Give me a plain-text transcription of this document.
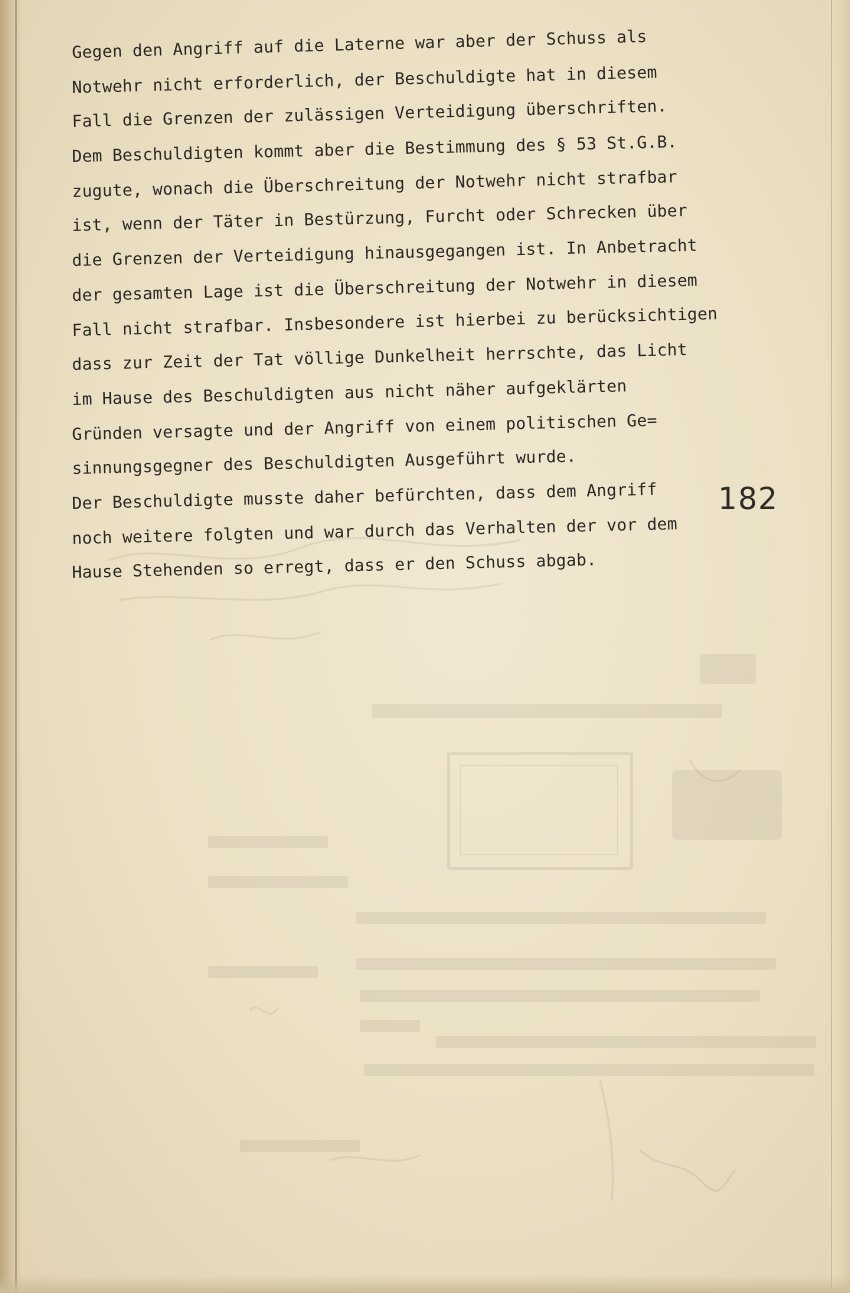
Gegen den Angriff auf die Laterne war aber der Schuss als
Notwehr nicht erforderlich, der Beschuldigte hat in diesem
Fall die Grenzen der zulässigen Verteidigung überschriften.
Dem Beschuldigten kommt aber die Bestimmung des § 53 St.G.B.
zugute, wonach die Überschreitung der Notwehr nicht strafbar
ist, wenn der Täter in Bestürzung, Furcht oder Schrecken über
die Grenzen der Verteidigung hinausgegangen ist. In Anbetracht
der gesamten Lage ist die Überschreitung der Notwehr in diesem
Fall nicht strafbar. Insbesondere ist hierbei zu berücksichtigen
dass zur Zeit der Tat völlige Dunkelheit herrschte, das Licht
im Hause des Beschuldigten aus nicht näher aufgeklärten
Gründen versagte und der Angriff von einem politischen Ge=
sinnungsgegner des Beschuldigten Ausgeführt wurde.
Der Beschuldigte musste daher befürchten, dass dem Angriff
noch weitere folgten und war durch das Verhalten der vor dem
Hause Stehenden so erregt, dass er den Schuss abgab.
182
